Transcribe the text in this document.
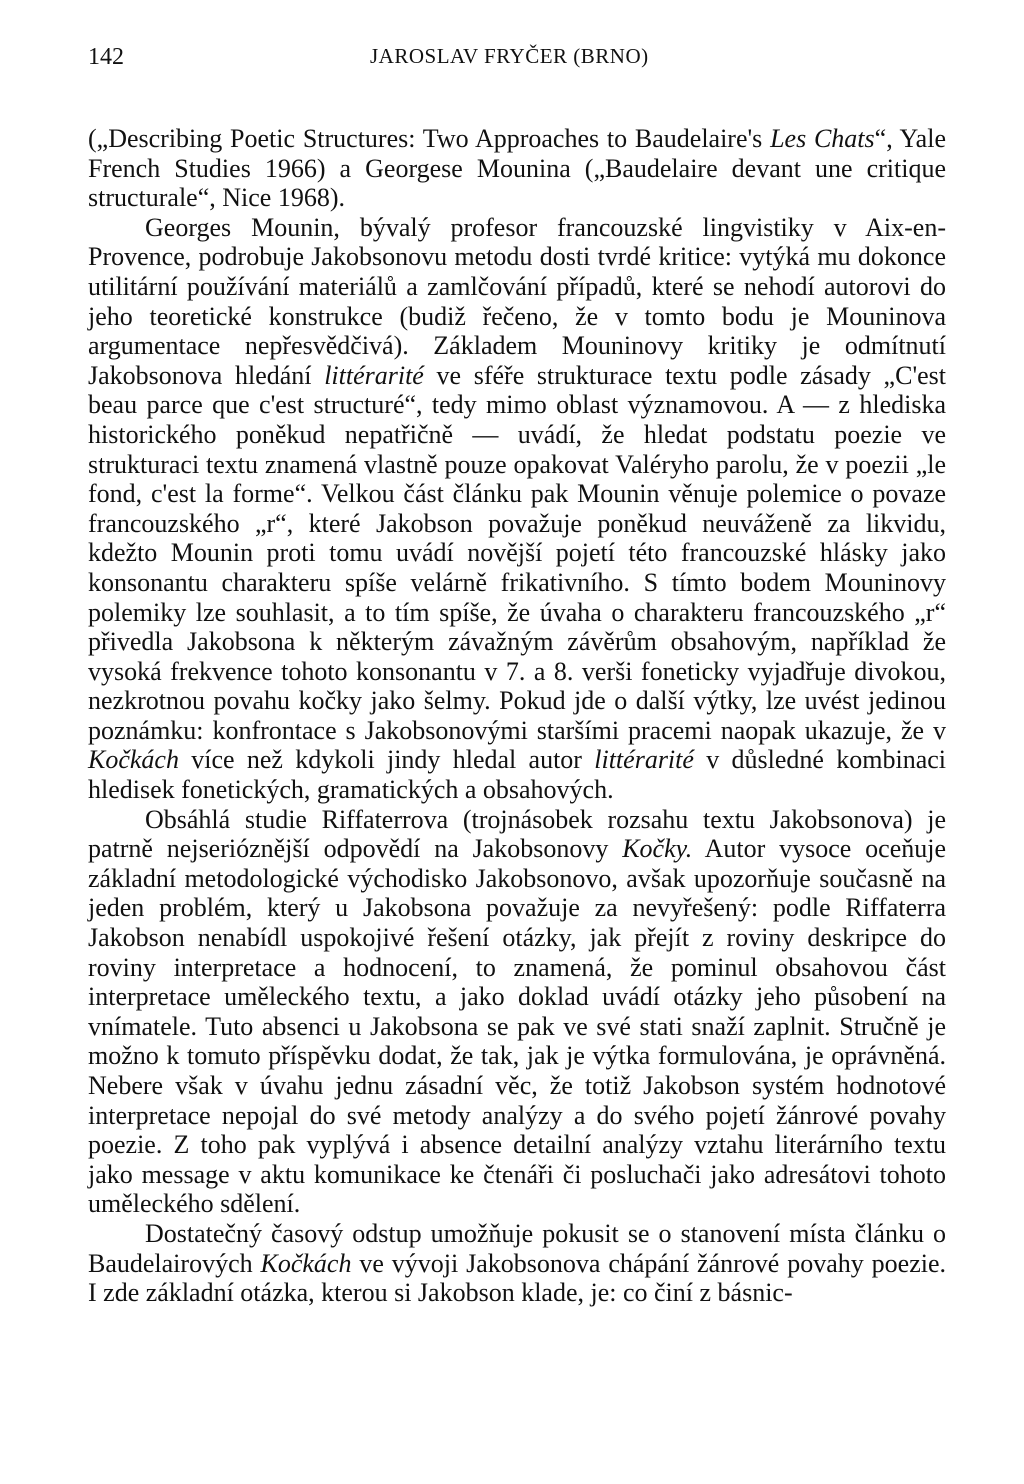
142	JAROSLAV FRYČER (BRNO)

(„Describing Poetic Structures: Two Approaches to Baudelaire's Les Chats“, Yale French Studies 1966) a Georgese Mounina („Baudelaire devant une critique structurale“, Nice 1968).

Georges Mounin, bývalý profesor francouzské lingvistiky v Aix-en-Provence, podrobuje Jakobsonovu metodu dosti tvrdé kritice: vytýká mu dokonce utilitární používání materiálů a zamlčování případů, které se nehodí autorovi do jeho teoretické konstrukce (budiž řečeno, že v tomto bodu je Mouninova argumentace nepřesvědčivá). Základem Mouninovy kritiky je odmítnutí Jakobsonova hledání littérarité ve sféře strukturace textu podle zásady „C'est beau parce que c'est structuré“, tedy mimo oblast významovou. A — z hlediska historického poněkud nepatřičně — uvádí, že hledat podstatu poezie ve strukturaci textu znamená vlastně pouze opakovat Valéryho parolu, že v poezii „le fond, c'est la forme“. Velkou část článku pak Mounin věnuje polemice o povaze francouzského „r“, které Jakobson považuje poněkud neuváženě za likvidu, kdežto Mounin proti tomu uvádí novější pojetí této francouzské hlásky jako konsonantu charakteru spíše velárně frikativního. S tímto bodem Mouninovy polemiky lze souhlasit, a to tím spíše, že úvaha o charakteru francouzského „r“ přivedla Jakobsona k některým závažným závěrům obsahovým, například že vysoká frekvence tohoto konsonantu v 7. a 8. verši foneticky vyjadřuje divokou, nezkrotnou povahu kočky jako šelmy. Pokud jde o další výtky, lze uvést jedinou poznámku: konfrontace s Jakobsonovými staršími pracemi naopak ukazuje, že v Kočkách více než kdykoli jindy hledal autor littérarité v důsledné kombinaci hledisek fonetických, gramatických a obsahových.

Obsáhlá studie Riffaterrova (trojnásobek rozsahu textu Jakobsonova) je patrně nejserióznější odpovědí na Jakobsonovy Kočky. Autor vysoce oceňuje základní metodologické východisko Jakobsonovo, avšak upozorňuje současně na jeden problém, který u Jakobsona považuje za nevyřešený: podle Riffaterra Jakobson nenabídl uspokojivé řešení otázky, jak přejít z roviny deskripce do roviny interpretace a hodnocení, to znamená, že pominul obsahovou část interpretace uměleckého textu, a jako doklad uvádí otázky jeho působení na vnímatele. Tuto absenci u Jakobsona se pak ve své stati snaží zaplnit. Stručně je možno k tomuto příspěvku dodat, že tak, jak je výtka formulována, je oprávněná. Nebere však v úvahu jednu zásadní věc, že totiž Jakobson systém hodnotové interpretace nepojal do své metody analýzy a do svého pojetí žánrové povahy poezie. Z toho pak vyplývá i absence detailní analýzy vztahu literárního textu jako message v aktu komunikace ke čtenáři či posluchači jako adresátovi tohoto uměleckého sdělení.

Dostatečný časový odstup umožňuje pokusit se o stanovení místa článku o Baudelairových Kočkách ve vývoji Jakobsonova chápání žánrové povahy poezie. I zde základní otázka, kterou si Jakobson klade, je: co činí z básnic-
